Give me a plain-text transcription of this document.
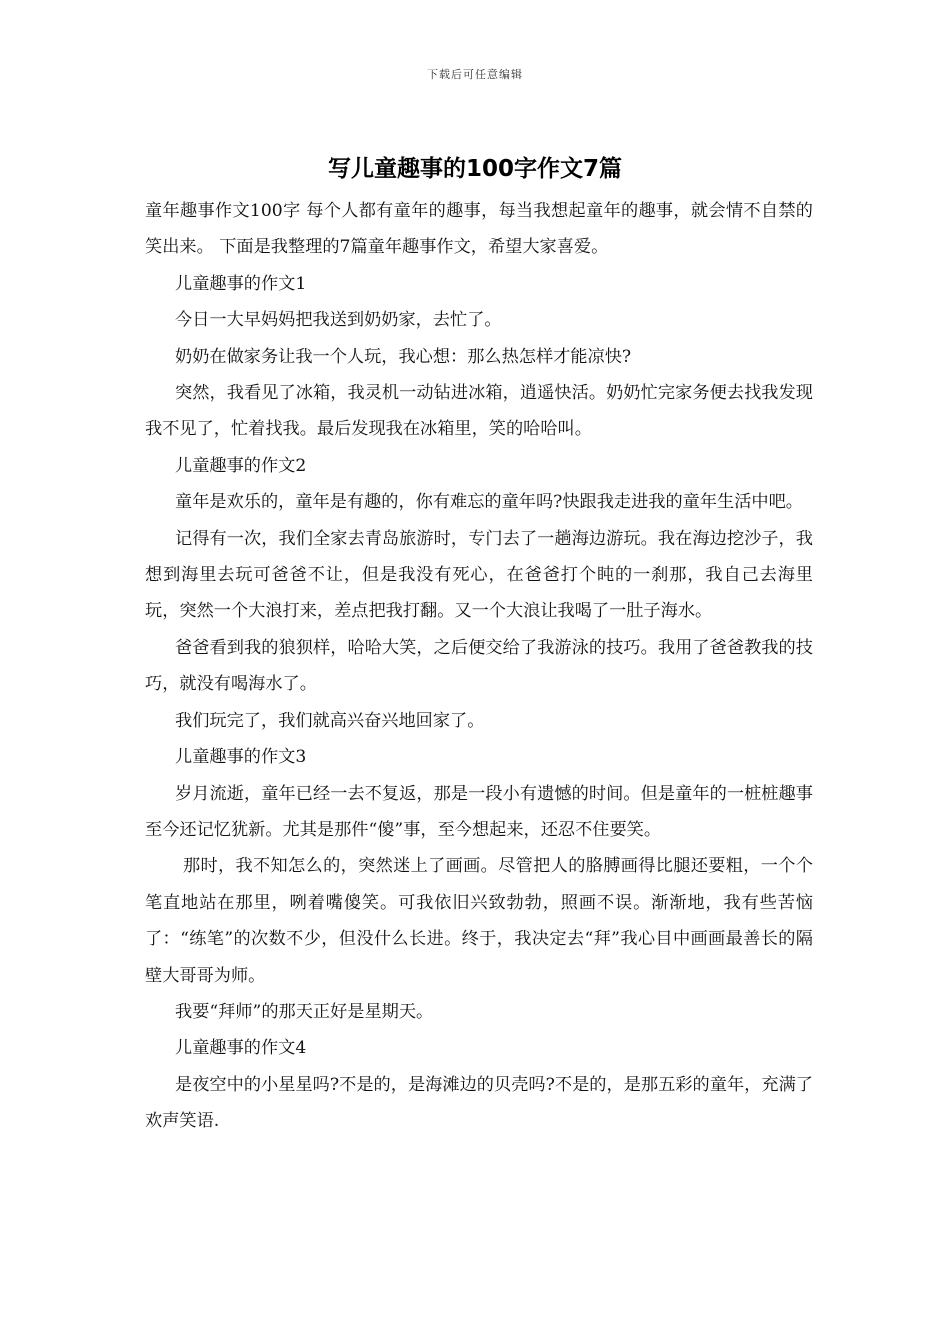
下载后可任意编辑
写儿童趣事的100字作文7篇

童年趣事作文100字 每个人都有童年的趣事，每当我想起童年的趣事，就会情不自禁的笑出来。 下面是我整理的7篇童年趣事作文，希望大家喜爱。

儿童趣事的作文1

今日一大早妈妈把我送到奶奶家，去忙了。

奶奶在做家务让我一个人玩，我心想：那么热怎样才能凉快?

突然，我看见了冰箱，我灵机一动钻进冰箱，逍遥快活。奶奶忙完家务便去找我发现我不见了，忙着找我。最后发现我在冰箱里，笑的哈哈叫。

儿童趣事的作文2

童年是欢乐的，童年是有趣的，你有难忘的童年吗?快跟我走进我的童年生活中吧。

记得有一次，我们全家去青岛旅游时，专门去了一趟海边游玩。我在海边挖沙子，我想到海里去玩可爸爸不让，但是我没有死心，在爸爸打个盹的一刹那，我自己去海里玩，突然一个大浪打来，差点把我打翻。又一个大浪让我喝了一肚子海水。

爸爸看到我的狼狈样，哈哈大笑，之后便交给了我游泳的技巧。我用了爸爸教我的技巧，就没有喝海水了。

我们玩完了，我们就高兴奋兴地回家了。

儿童趣事的作文3

岁月流逝，童年已经一去不复返，那是一段小有遗憾的时间。但是童年的一桩桩趣事至今还记忆犹新。尤其是那件“傻”事，至今想起来，还忍不住要笑。

那时，我不知怎么的，突然迷上了画画。尽管把人的胳膊画得比腿还要粗，一个个笔直地站在那里，咧着嘴傻笑。可我依旧兴致勃勃，照画不误。渐渐地，我有些苦恼了：“练笔”的次数不少，但没什么长进。终于，我决定去“拜”我心目中画画最善长的隔壁大哥哥为师。

我要“拜师”的那天正好是星期天。

儿童趣事的作文4

是夜空中的小星星吗?不是的，是海滩边的贝壳吗?不是的，是那五彩的童年，充满了欢声笑语.
